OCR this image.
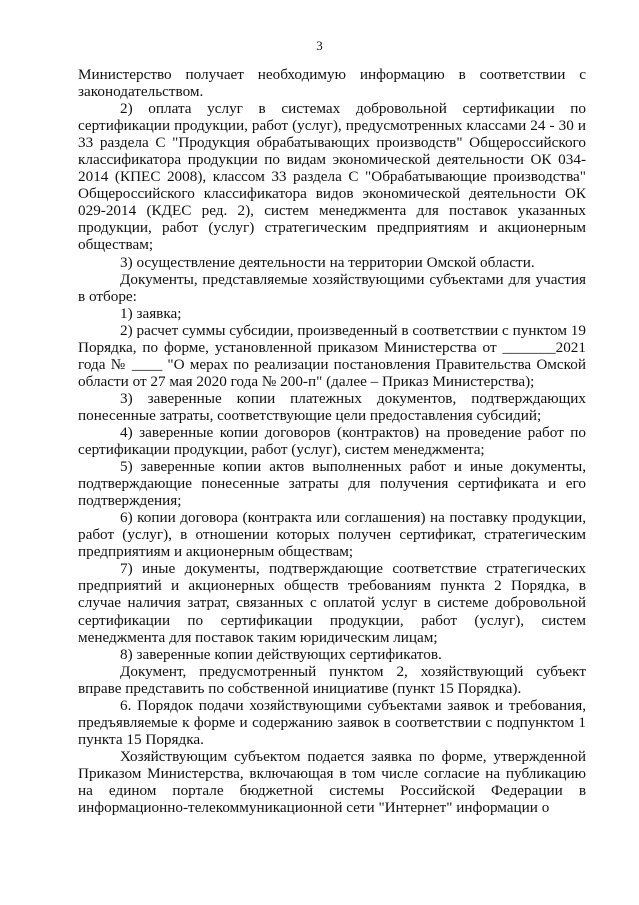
3

Министерство получает необходимую информацию в соответствии с законодательством.

2) оплата услуг в системах добровольной сертификации по сертификации продукции, работ (услуг), предусмотренных классами 24 - 30 и 33 раздела C "Продукция обрабатывающих производств" Общероссийского классификатора продукции по видам экономической деятельности ОК 034-2014 (КПЕС 2008), классом 33 раздела C "Обрабатывающие производства" Общероссийского классификатора видов экономической деятельности ОК 029-2014 (КДЕС ред. 2), систем менеджмента для поставок указанных продукции, работ (услуг) стратегическим предприятиям и акционерным обществам;

3) осуществление деятельности на территории Омской области.

Документы, представляемые хозяйствующими субъектами для участия в отборе:

1) заявка;

2) расчет суммы субсидии, произведенный в соответствии с пунктом 19 Порядка, по форме, установленной приказом Министерства от _______2021 года № ____ "О мерах по реализации постановления Правительства Омской области от 27 мая 2020 года № 200-п" (далее – Приказ Министерства);

3) заверенные копии платежных документов, подтверждающих понесенные затраты, соответствующие цели предоставления субсидий;

4) заверенные копии договоров (контрактов) на проведение работ по сертификации продукции, работ (услуг), систем менеджмента;

5) заверенные копии актов выполненных работ и иные документы, подтверждающие понесенные затраты для получения сертификата и его подтверждения;

6) копии договора (контракта или соглашения) на поставку продукции, работ (услуг), в отношении которых получен сертификат, стратегическим предприятиям и акционерным обществам;

7) иные документы, подтверждающие соответствие стратегических предприятий и акционерных обществ требованиям пункта 2 Порядка, в случае наличия затрат, связанных с оплатой услуг в системе добровольной сертификации по сертификации продукции, работ (услуг), систем менеджмента для поставок таким юридическим лицам;

8) заверенные копии действующих сертификатов.

Документ, предусмотренный пунктом 2, хозяйствующий субъект вправе представить по собственной инициативе (пункт 15 Порядка).

6. Порядок подачи хозяйствующими субъектами заявок и требования, предъявляемые к форме и содержанию заявок в соответствии с подпунктом 1 пункта 15 Порядка.

Хозяйствующим субъектом подается заявка по форме, утвержденной Приказом Министерства, включающая в том числе согласие на публикацию на едином портале бюджетной системы Российской Федерации в информационно-телекоммуникационной сети "Интернет" информации о
